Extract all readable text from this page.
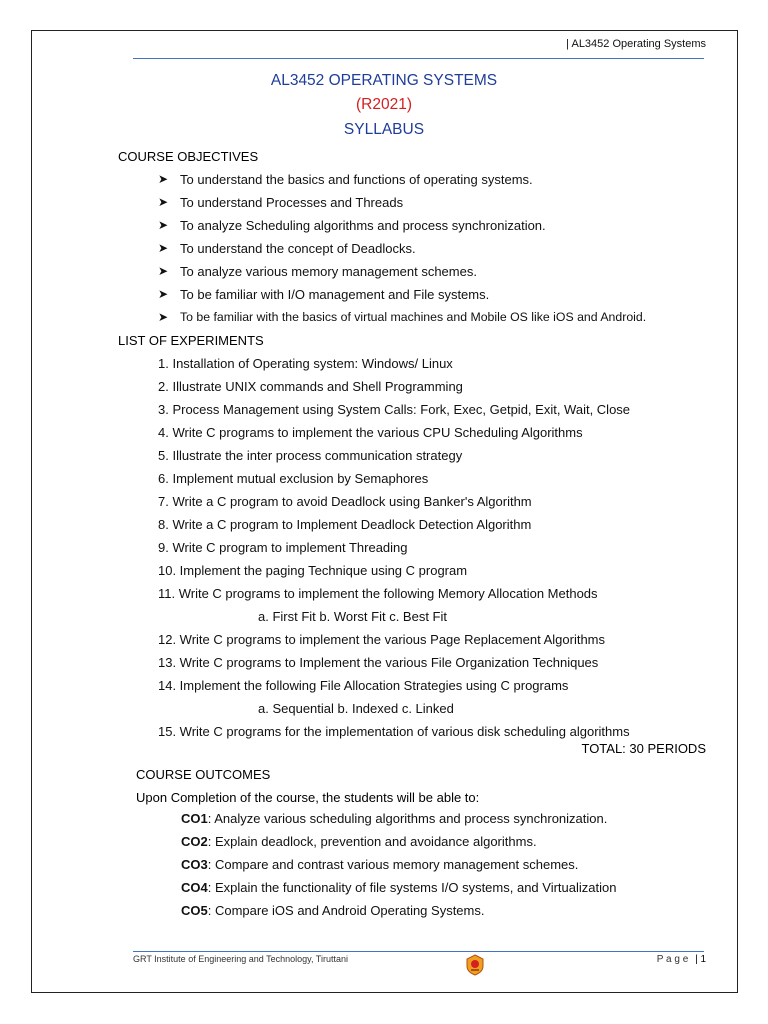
| AL3452 Operating Systems
AL3452 OPERATING SYSTEMS
(R2021)
SYLLABUS
COURSE OBJECTIVES
➤ To understand the basics and functions of operating systems.
➤ To understand Processes and Threads
➤ To analyze Scheduling algorithms and process synchronization.
➤ To understand the concept of Deadlocks.
➤ To analyze various memory management schemes.
➤ To be familiar with I/O management and File systems.
➤ To be familiar with the basics of virtual machines and Mobile OS like iOS and Android.
LIST OF EXPERIMENTS
1. Installation of Operating system: Windows/ Linux
2. Illustrate UNIX commands and Shell Programming
3. Process Management using System Calls: Fork, Exec, Getpid, Exit, Wait, Close
4. Write C programs to implement the various CPU Scheduling Algorithms
5. Illustrate the inter process communication strategy
6. Implement mutual exclusion by Semaphores
7. Write a C program to avoid Deadlock using Banker's Algorithm
8. Write a C program to Implement Deadlock Detection Algorithm
9. Write C program to implement Threading
10. Implement the paging Technique using C program
11. Write C programs to implement the following Memory Allocation Methods
a. First Fit b. Worst Fit c. Best Fit
12. Write C programs to implement the various Page Replacement Algorithms
13. Write C programs to Implement the various File Organization Techniques
14. Implement the following File Allocation Strategies using C programs
a. Sequential b. Indexed c. Linked
15. Write C programs for the implementation of various disk scheduling algorithms
TOTAL: 30 PERIODS
COURSE OUTCOMES
Upon Completion of the course, the students will be able to:
CO1: Analyze various scheduling algorithms and process synchronization.
CO2: Explain deadlock, prevention and avoidance algorithms.
CO3: Compare and contrast various memory management schemes.
CO4: Explain the functionality of file systems I/O systems, and Virtualization
CO5: Compare iOS and Android Operating Systems.
GRT Institute of Engineering and Technology, Tiruttani	P a g e | 1
